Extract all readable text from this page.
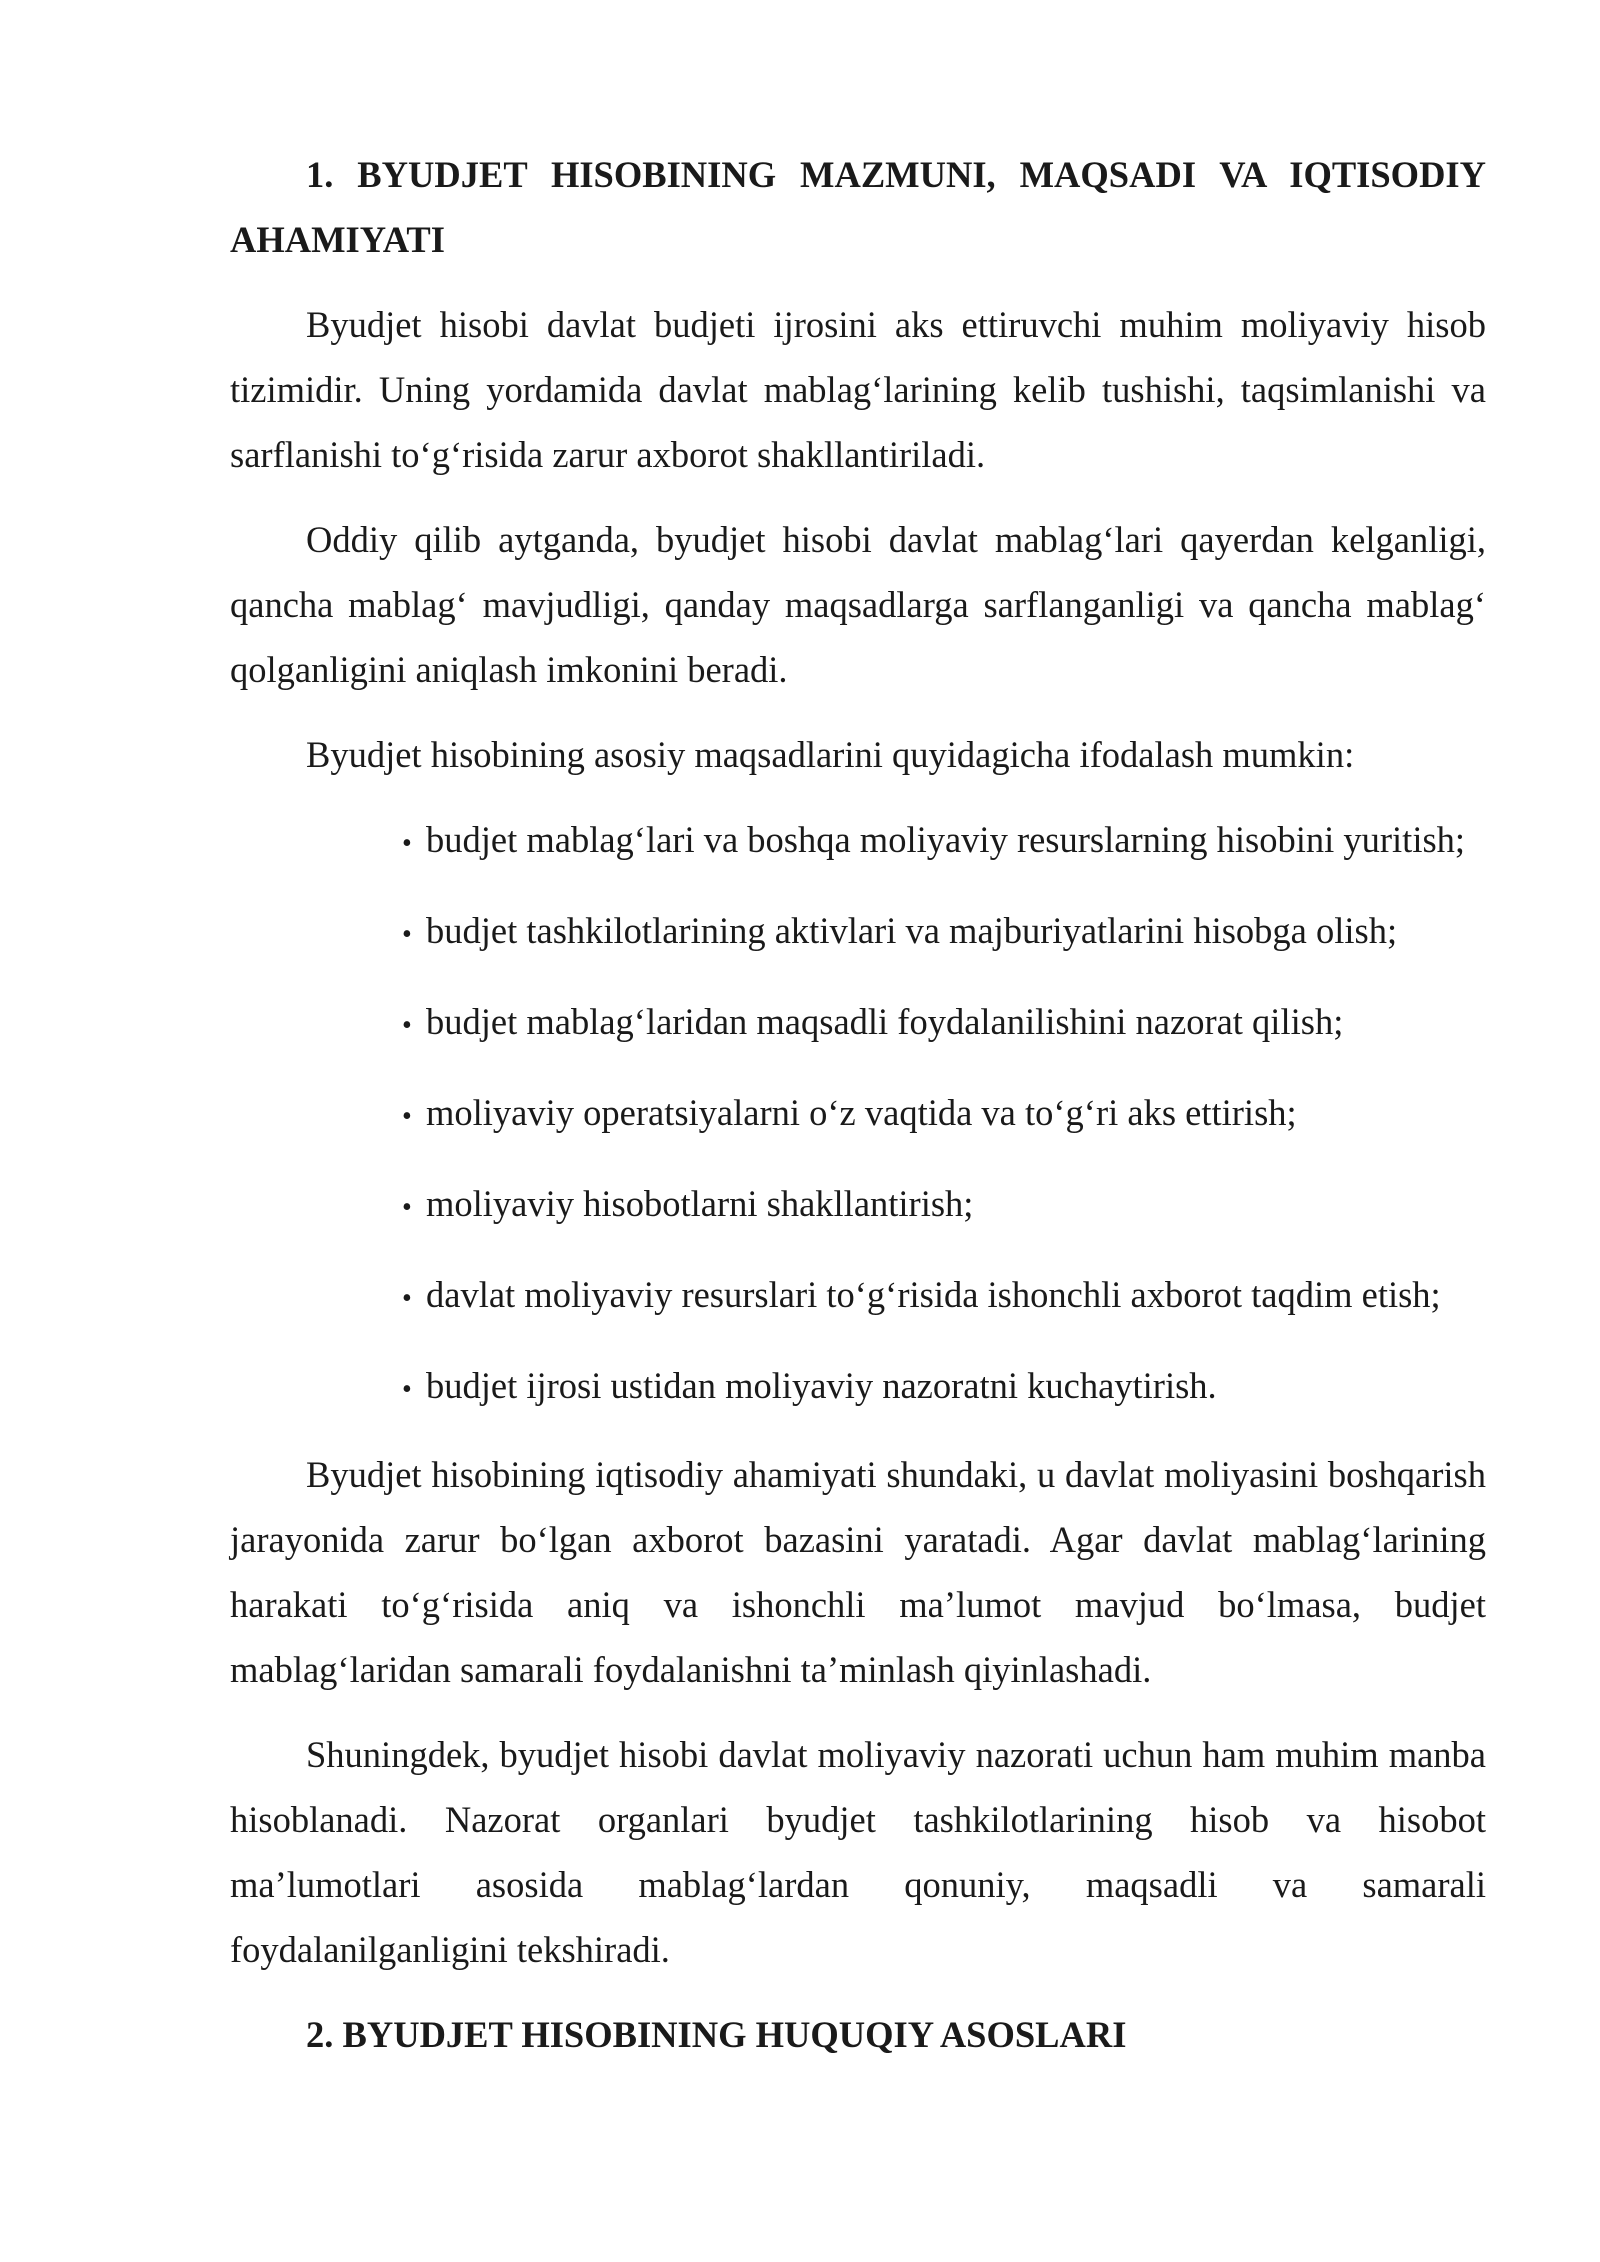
1. BYUDJET HISOBINING MAZMUNI, MAQSADI VA IQTISODIY AHAMIYATI

Byudjet hisobi davlat budjeti ijrosini aks ettiruvchi muhim moliyaviy hisob tizimidir. Uning yordamida davlat mablag‘larining kelib tushishi, taqsimlanishi va sarflanishi to‘g‘risida zarur axborot shakllantiriladi.

Oddiy qilib aytganda, byudjet hisobi davlat mablag‘lari qayerdan kelganligi, qancha mablag‘ mavjudligi, qanday maqsadlarga sarflanganligi va qancha mablag‘ qolganligini aniqlash imkonini beradi.

Byudjet hisobining asosiy maqsadlarini quyidagicha ifodalash mumkin:

• budjet mablag‘lari va boshqa moliyaviy resurslarning hisobini yuritish;
• budjet tashkilotlarining aktivlari va majburiyatlarini hisobga olish;
• budjet mablag‘laridan maqsadli foydalanilishini nazorat qilish;
• moliyaviy operatsiyalarni o‘z vaqtida va to‘g‘ri aks ettirish;
• moliyaviy hisobotlarni shakllantirish;
• davlat moliyaviy resurslari to‘g‘risida ishonchli axborot taqdim etish;
• budjet ijrosi ustidan moliyaviy nazoratni kuchaytirish.

Byudjet hisobining iqtisodiy ahamiyati shundaki, u davlat moliyasini boshqarish jarayonida zarur bo‘lgan axborot bazasini yaratadi. Agar davlat mablag‘larining harakati to‘g‘risida aniq va ishonchli ma’lumot mavjud bo‘lmasa, budjet mablag‘laridan samarali foydalanishni ta’minlash qiyinlashadi.

Shuningdek, byudjet hisobi davlat moliyaviy nazorati uchun ham muhim manba hisoblanadi. Nazorat organlari byudjet tashkilotlarining hisob va hisobot ma’lumotlari asosida mablag‘lardan qonuniy, maqsadli va samarali foydalanilganligini tekshiradi.

2. BYUDJET HISOBINING HUQUQIY ASOSLARI
